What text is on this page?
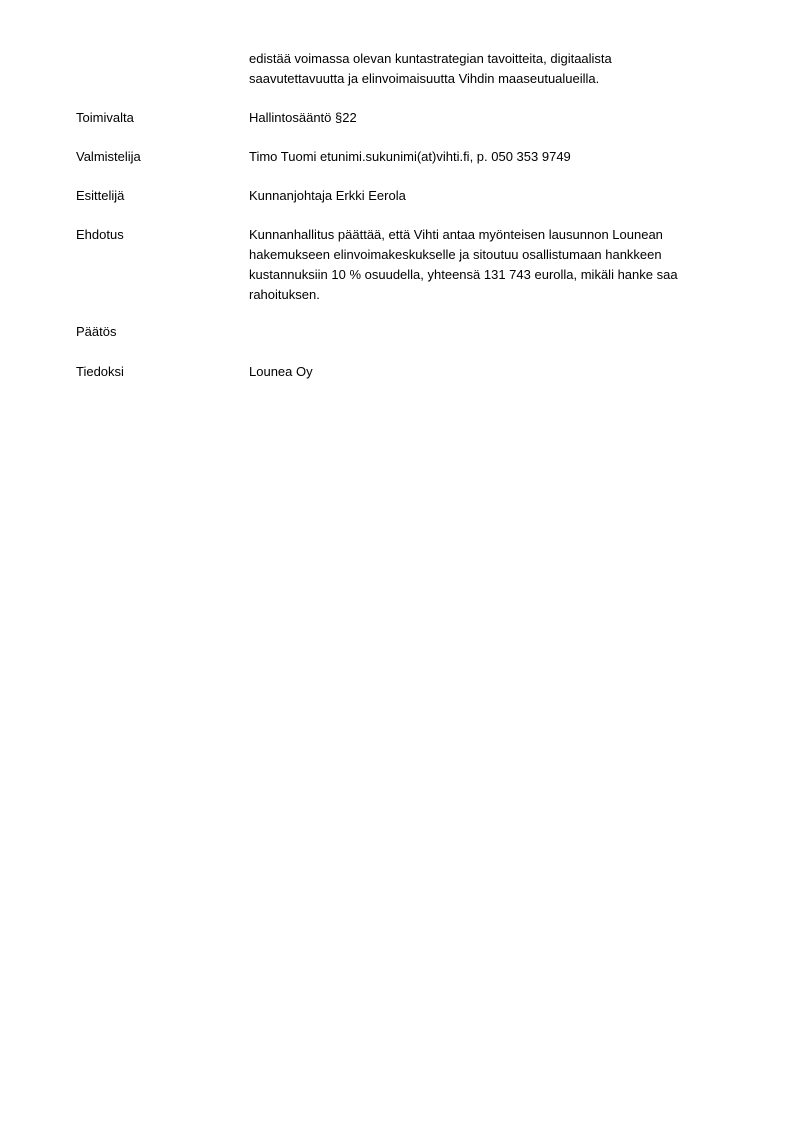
edistää voimassa olevan kuntastrategian tavoitteita, digitaalista
saavutettavuutta ja elinvoimaisuutta Vihdin maaseutualueilla.
Toimivalta	Hallintosääntö §22
Valmistelija	Timo Tuomi etunimi.sukunimi(at)vihti.fi, p. 050 353 9749
Esittelijä	Kunnanjohtaja Erkki Eerola
Ehdotus	Kunnanhallitus päättää, että Vihti antaa myönteisen lausunnon Lounean
hakemukseen elinvoimakeskukselle ja sitoutuu osallistumaan hankkeen
kustannuksiin 10 % osuudella, yhteensä 131 743 eurolla, mikäli hanke saa
rahoituksen.
Päätös
Tiedoksi	Lounea Oy
